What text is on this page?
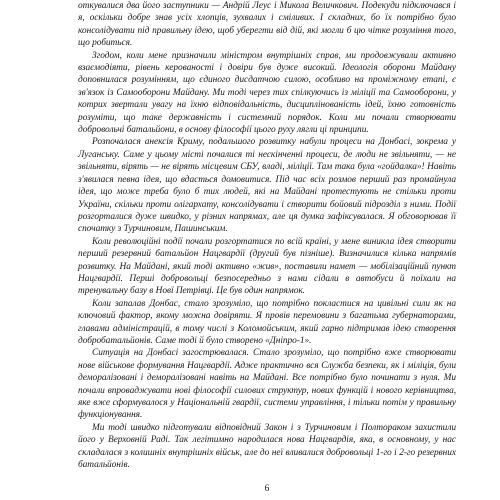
откувалися два його заступники — Андрій Леус і Микола Величкович. Подекуди підключався і я, оскільки добре знав усіх хлопців, зухвалих і сміливих. І складних, бо їх потрібно було консолідувати під правильну ідею, щоб уберегти від дій, які могли б цю чітке розуміння того, що робиться.

Згодом, коли мене призначили міністром внутрішніх справ, ми продовжували активно взаємодіяти, рівень керованості і довіри був дуже високий. Ідеологія оборони Майдану доповнилася розумінням, що єдиного дисдатчою силою, особливо на проміжному етапі, є зв'язок із Самооборони Майдану. Ми тоді через тих спілкуючись із міліції та Самооборони, у котрих звертали увагу на їхню відповідальність, дисциплінованість ідей, їхню готовність розуміти, що таке державність і системний порядок. Коли ми почали створювати добровольчі батальйони, в основу філософії цього руху лягли ці принципи.

Розпочалася анексія Криму, подальшого розвитку набули процеси на Донбасі, зокрема у Луганську. Саме у цьому місті почалися ті нескінченні процеси, де люди не звільняти, — не звільняти, вірять — не вірять місцевим СБУ, владі, міліції. Там така була «гойдалка»! Навіть з'явилася певна ідея, що вдасться домовитися. Під час всіх розмов перший раз промайнула ідея, що може треба було б тих людей, які на Майдані протестують не стільки проти України, скільки проти олігархату, консолідувати і створити бойовий підрозділ з ними. Події розгорталися дуже швидко, у різних напрямах, але ця думка зафіксувалася. Я обговорював її спочатку з Турчиновим, Пашинським.

Коли революційні події почали розгортатися по всій країні, у мене виникла ідея створити перший резервний батальйон Нацгвардії (другий був пізніше). Визначилися кілька напрямів розвитку. На Майдані, який тоді активно «жив», поставили намет — мобілізаційний пункт Нацгвардії. Перші добровольці безпосередньо з нами сідали в автобуси й поїхали на тренувальну базу в Новї Петрівці. Це був один напрямок.

Коли запалав Донбас, стало зрозуміло, що потрібно покластися на цивільні сили як на ключовий фактор, якому можна довіряти. Я провів перемовини з багатьма губернаторами, главами адміністрацій, в тому числі з Коломойським, який гарно підтримав ідею створення добробатальйонів. Саме тоді й було створено «Дніпро-1».

Ситуація на Донбасі загострювалася. Стало зрозуміло, що потрібно вже створювати нове військове формування Нацгвардії. Адже практично вся Служба безпеки, як і міліція, були деморалізовані і деморалізовані навіть на Майдані. Все потрібно було починати з нуля. Ми почали впроваджувати нові філософії силових структур, нових функцій і нового керівництва, яке вже сформувалося у Національній гвардії, системи управління, і тільки потім у правильну функціонування.

Ми тоді швидко підготували відповідний Закон і з Турчиновим і Полтораком захистили його у Верховній Раді. Так легітимно народилася нова Нацгвардія, яка, в основному, у нас складалася з колишніх внутрішніх військ, але до неї вливалися добровольці 1-го і 2-го резервних батальйонів.

6
